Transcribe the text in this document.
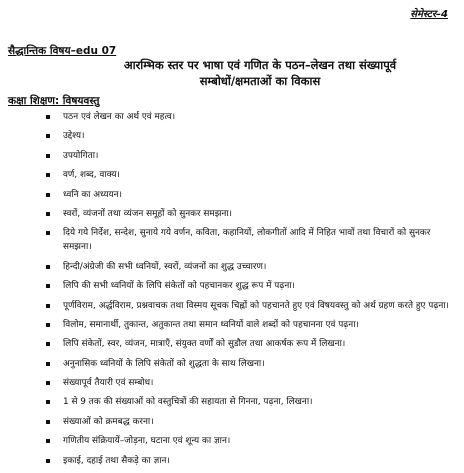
सेमेस्टर–4
सैद्धान्तिक विषय–edu 07
आरम्भिक स्तर पर भाषा एवं गणित के पठन–लेखन तथा संख्यापूर्व
सम्बोधों/क्षमताओं का विकास
कक्षा शिक्षण: विषयवस्तु
पठन एवं लेखन का अर्थ एवं महत्व।
उद्देश्य।
उपयोगिता।
वर्ण, शब्द, वाक्य।
ध्वनि का अध्ययन।
स्वरों, व्यंजनों तथा व्यंजन समूहों को सुनकर समझना।
दिये गये निर्देश, सन्देश, सुनाये गये वर्णन, कविता, कहानियों, लोकगीतों आदि में निहित भावों तथा विचारों को सुनकर समझना।
हिन्दी/अंग्रेजी की सभी ध्वनियों, स्वरों, व्यंजनों का शुद्ध उच्चारण।
लिपि की सभी ध्वनियों के लिपि संकेतों को पहचानकर शुद्ध रूप में पढ़ना।
पूर्णविराम, अर्द्धविराम, प्रश्नवाचक तथा विस्मय सूचक चिह्नों को पहचानते हुए एवं विषयवस्तु को अर्थ ग्रहण करते हुए पढ़ना।
विलोम, समानार्थी, तुकान्त, अतुकान्त तथा समान ध्वनियों वाले शब्दों को पहचानना एवं पढ़ना।
लिपि संकेतों, स्वर, व्यंजन, मात्राएँ, संयुक्त वर्णों को सुडौल तथा आकर्षक रूप में लिखना।
अनुनासिक ध्वनियों के लिपि संकेतों को शुद्धता के साथ लिखना।
संख्यापूर्व तैयारी एवं सम्बोध।
1 से 9 तक की संख्याओं को वस्तुचित्रों की सहायता से गिनना, पढ़ना, लिखना।
संख्याओं को क्रमबद्ध करना।
गणितीय संक्रियायें–जोड़ना, घटाना एवं शून्य का ज्ञान।
इकाई, दहाई तथा सैकड़े का ज्ञान।
